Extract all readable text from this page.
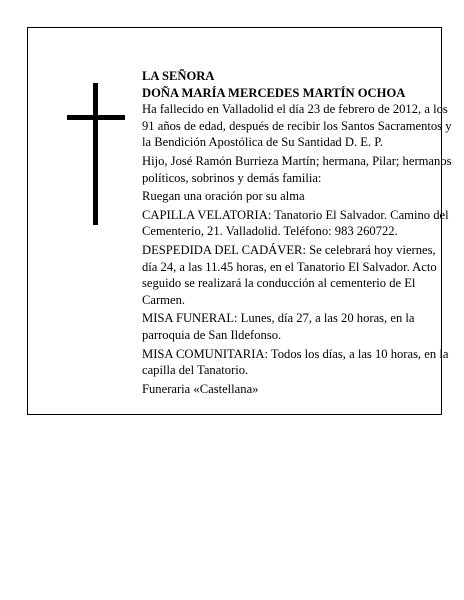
LA SEÑORA

DOÑA MARÍA MERCEDES MARTÍN OCHOA

Ha fallecido en Valladolid el día 23 de febrero de 2012, a los 91 años de edad, después de recibir los Santos Sacramentos y la Bendición Apostólica de Su Santidad D. E. P.

Hijo, José Ramón Burrieza Martín; hermana, Pilar; hermanos políticos, sobrinos y demás familia:

Ruegan una oración por su alma

CAPILLA VELATORIA: Tanatorio El Salvador. Camino del Cementerio, 21. Valladolid. Teléfono: 983 260722.

DESPEDIDA DEL CADÁVER: Se celebrará hoy viernes, día 24, a las 11.45 horas, en el Tanatorio El Salvador. Acto seguido se realizará la conducción al cementerio de El Carmen.

MISA FUNERAL: Lunes, día 27, a las 20 horas, en la parroquia de San Ildefonso.

MISA COMUNITARIA: Todos los días, a las 10 horas, en la capilla del Tanatorio.

Funeraria «Castellana»
